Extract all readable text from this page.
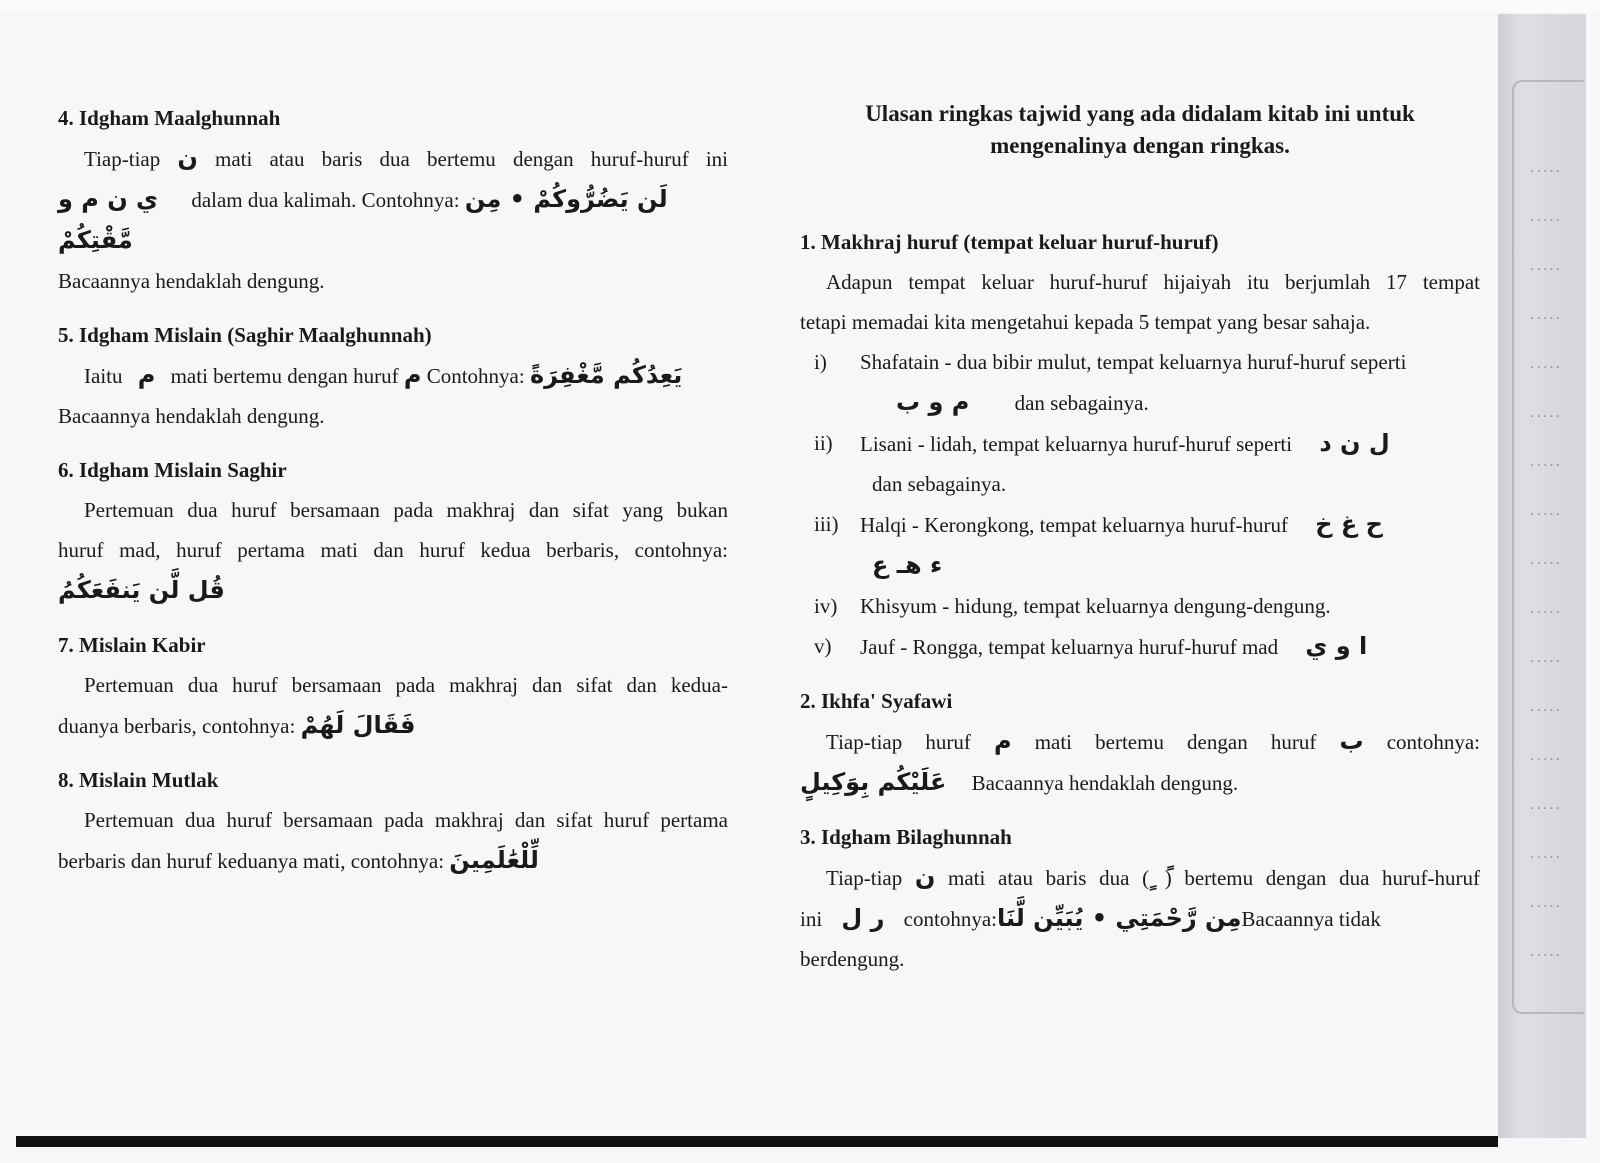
.....
.....
.....
.....
.....
.....
.....
.....
.....
.....
.....
.....
.....
.....
.....
.....
.....
4. Idgham Maalghunnah

Tiap-tiap ن mati atau baris dua bertemu dengan huruf-huruf ini

ي ن م و dalam dua kalimah. Contohnya: لَن يَضُرُّوكُمْ • مِن مَّقْتِكُمْ

Bacaannya hendaklah dengung.

5. Idgham Mislain (Saghir Maalghunnah)

Iaitu م mati bertemu dengan huruf م Contohnya: يَعِدُكُم مَّغْفِرَةً

Bacaannya hendaklah dengung.

6. Idgham Mislain Saghir

Pertemuan dua huruf bersamaan pada makhraj dan sifat yang bukan

huruf mad, huruf pertama mati dan huruf kedua berbaris, contohnya:

قُل لَّن يَنفَعَكُمُ

7. Mislain Kabir

Pertemuan dua huruf bersamaan pada makhraj dan sifat dan kedua-

duanya berbaris, contohnya: فَقَالَ لَهُمْ

8. Mislain Mutlak

Pertemuan dua huruf bersamaan pada makhraj dan sifat huruf pertama

berbaris dan huruf keduanya mati, contohnya: لِّلْعَٰلَمِينَ

Ulasan ringkas tajwid yang ada didalam kitab ini untuk
mengenalinya dengan ringkas.
1. Makhraj huruf (tempat keluar huruf-huruf)

Adapun tempat keluar huruf-huruf hijaiyah itu berjumlah 17 tempat

tetapi memadai kita mengetahui kepada 5 tempat yang besar sahaja.

i)	Shafatain - dua bibir mulut, tempat keluarnya huruf-huruf seperti

م و ب dan sebagainya.

ii)	Lisani - lidah, tempat keluarnya huruf-huruf seperti ل ن د

dan sebagainya.

iii)	Halqi - Kerongkong, tempat keluarnya huruf-huruf ح غ خ

ء هـ ع

iv)	Khisyum - hidung, tempat keluarnya dengung-dengung.
v)	Jauf - Rongga, tempat keluarnya huruf-huruf mad ا و ي
2. Ikhfa' Syafawi

Tiap-tiap huruf م mati bertemu dengan huruf ب contohnya:

عَلَيْكُم بِوَكِيلٍ Bacaannya hendaklah dengung.

3. Idgham Bilaghunnah

Tiap-tiap ن mati atau baris dua (ً ٍ) bertemu dengan dua huruf-huruf

ini ر ل contohnya:مِن رَّحْمَتِي • يُبَيِّن لَّنَاBacaannya tidak berdengung.
